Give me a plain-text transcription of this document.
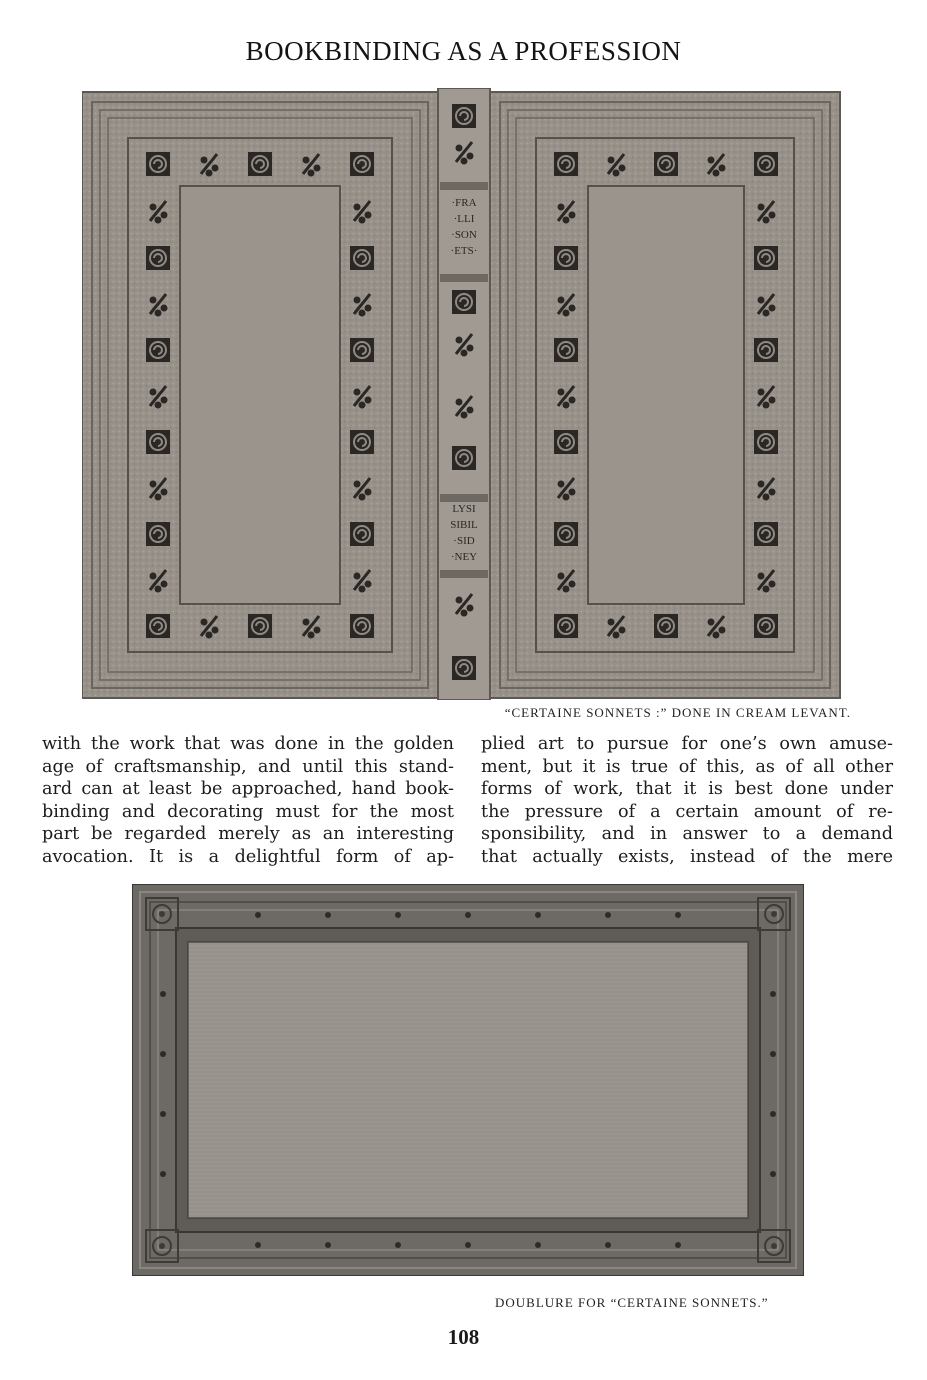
BOOKBINDING AS A PROFESSION
·FRA
·LLI
·SON
·ETS·
LYSI
SIBIL
·SID
·NEY
“CERTAINE SONNETS :” DONE IN CREAM LEVANT.
with the work that was done in the golden
age of craftsmanship, and until this stand-
ard can at least be approached, hand book-
binding and decorating must for the most
part be regarded merely as an interesting
avocation. It is a delightful form of ap-
plied art to pursue for one’s own amuse-
ment, but it is true of this, as of all other
forms of work, that it is best done under
the pressure of a certain amount of re-
sponsibility, and in answer to a demand
that actually exists, instead of the mere
DOUBLURE FOR “CERTAINE SONNETS.”
108
